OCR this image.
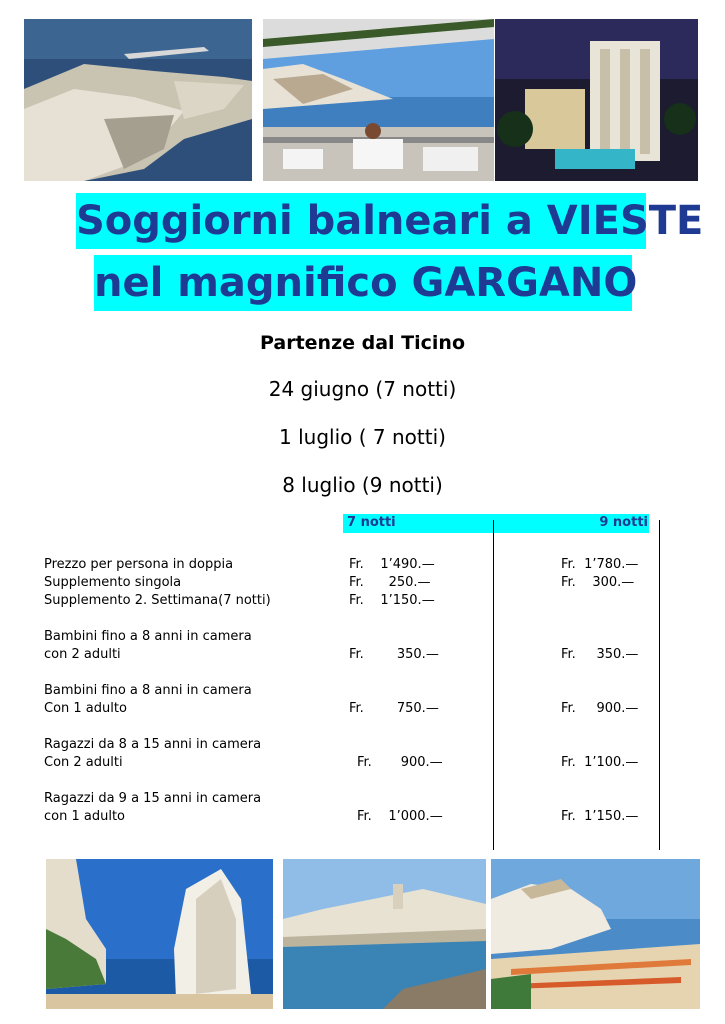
Soggiorni balneari a VIESTE
nel magnifico GARGANO
Partenze dal Ticino
24 giugno (7 notti)
1 luglio ( 7 notti)
8 luglio (9 notti)
7 notti	9 notti
Prezzo per persona in doppia	Fr.    1’490.—	Fr.  1’780.—
Supplemento singola	Fr.      250.—	Fr.    300.—
Supplemento 2. Settimana(7 notti)	Fr.    1’150.—
Bambini fino a 8 anni in camera
con 2 adulti	Fr.        350.—	Fr.     350.—
Bambini fino a 8 anni in camera
Con 1 adulto	Fr.        750.—	Fr.     900.—
Ragazzi da 8 a 15 anni in camera
Con 2 adulti	Fr.       900.—	Fr.  1’100.—
Ragazzi da 9 a 15 anni in camera
con 1 adulto	Fr.    1’000.—	Fr.  1’150.—
